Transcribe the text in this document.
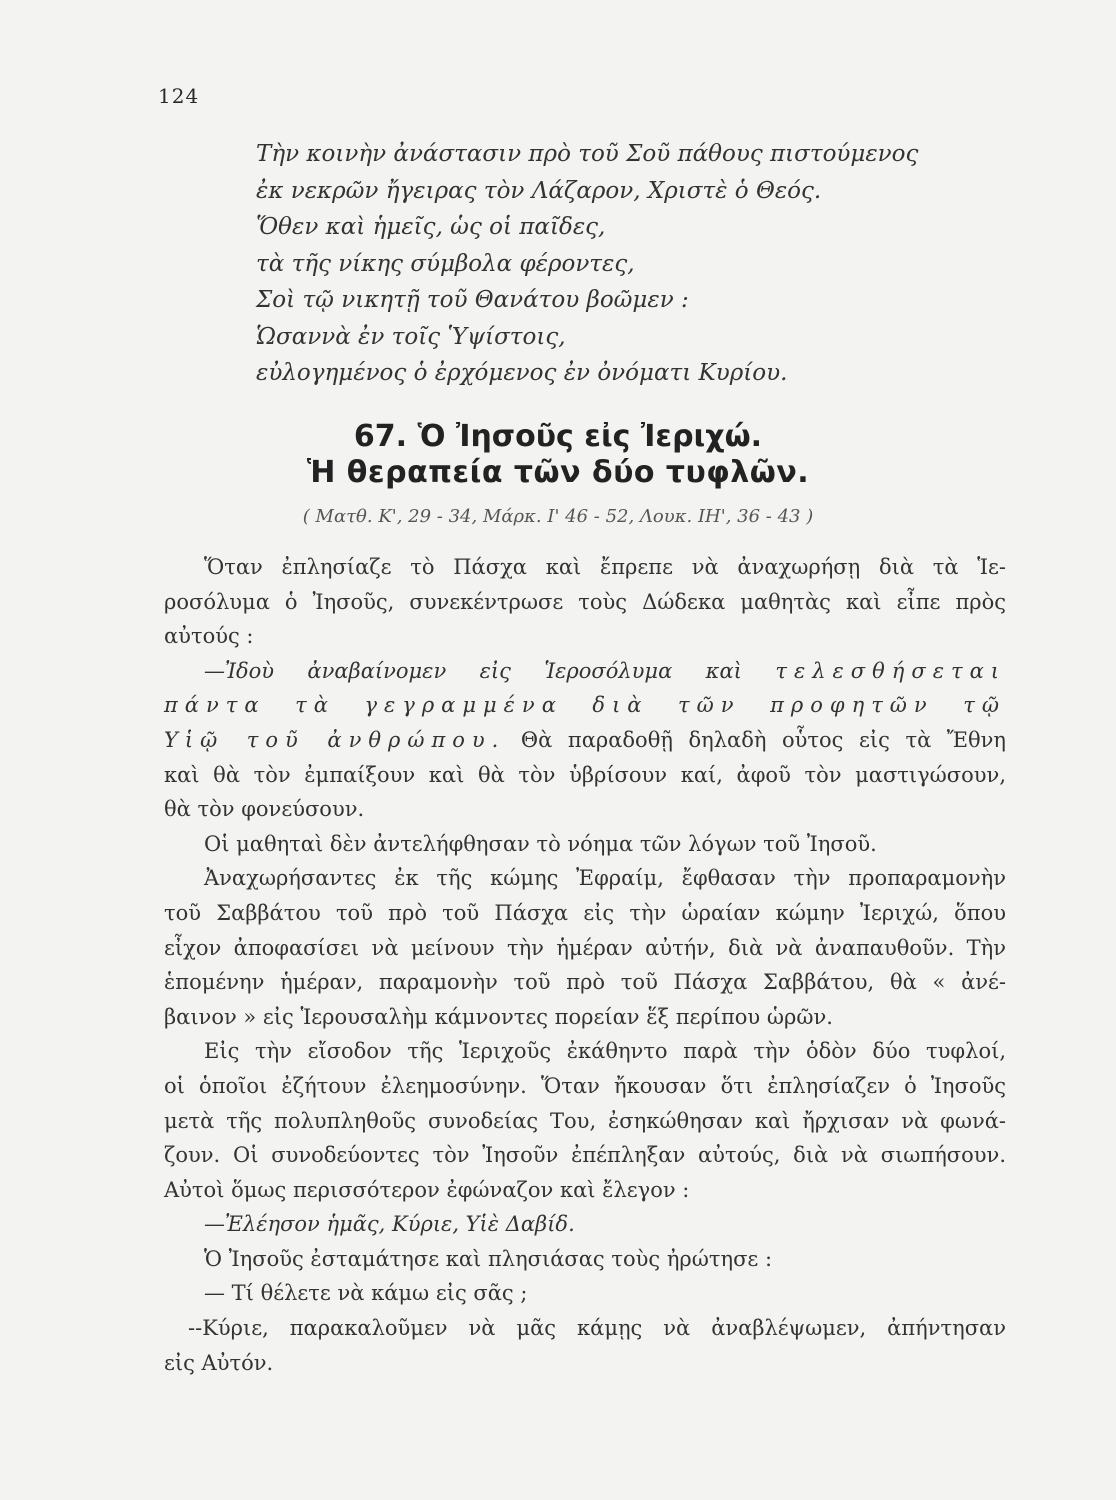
124
Τὴν κοινὴν ἀνάστασιν πρὸ τοῦ Σοῦ πάθους πιστούμενος
ἐκ νεκρῶν ἤγειρας τὸν Λάζαρον, Χριστὲ ὁ Θεός.
Ὅθεν καὶ ἡμεῖς, ὡς οἱ παῖδες,
τὰ τῆς νίκης σύμβολα φέροντες,
Σοὶ τῷ νικητῇ τοῦ Θανάτου βοῶμεν :
Ὡσαννὰ ἐν τοῖς Ὑψίστοις,
εὐλογημένος ὁ ἐρχόμενος ἐν ὀνόματι Κυρίου.
67. Ὁ Ἰησοῦς εἰς Ἰεριχώ.
Ἡ θεραπεία τῶν δύο τυφλῶν.
( Ματθ. Κ', 29 - 34, Μάρκ. Ι' 46 - 52, Λουκ. ΙΗ', 36 - 43 )
Ὅταν ἐπλησίαζε τὸ Πάσχα καὶ ἔπρεπε νὰ ἀναχωρήσῃ διὰ τὰ Ἱε-
ροσόλυμα ὁ Ἰησοῦς, συνεκέντρωσε τοὺς Δώδεκα μαθητὰς καὶ εἶπε πρὸς
αὐτούς :
—Ἰδοὺ ἀναβαίνομεν εἰς Ἱεροσόλυμα καὶ τελεσθήσεται
πάντα τὰ γεγραμμένα διὰ τῶν προφητῶν τῷ
Υἱῷ τοῦ ἀνθρώπου. Θὰ παραδοθῇ δηλαδὴ οὗτος εἰς τὰ Ἔθνη
καὶ θὰ τὸν ἐμπαίξουν καὶ θὰ τὸν ὑβρίσουν καί, ἀφοῦ τὸν μαστιγώσουν,
θὰ τὸν φονεύσουν.
Οἱ μαθηταὶ δὲν ἀντελήφθησαν τὸ νόημα τῶν λόγων τοῦ Ἰησοῦ.
Ἀναχωρήσαντες ἐκ τῆς κώμης Ἐφραίμ, ἔφθασαν τὴν προπαραμονὴν
τοῦ Σαββάτου τοῦ πρὸ τοῦ Πάσχα εἰς τὴν ὡραίαν κώμην Ἰεριχώ, ὅπου
εἶχον ἀποφασίσει νὰ μείνουν τὴν ἡμέραν αὐτήν, διὰ νὰ ἀναπαυθοῦν. Τὴν
ἑπομένην ἡμέραν, παραμονὴν τοῦ πρὸ τοῦ Πάσχα Σαββάτου, θὰ « ἀνέ-
βαινον » εἰς Ἱερουσαλὴμ κάμνοντες πορείαν ἕξ περίπου ὡρῶν.
Εἰς τὴν εἴσοδον τῆς Ἱεριχοῦς ἐκάθηντο παρὰ τὴν ὁδὸν δύο τυφλοί,
οἱ ὁποῖοι ἐζήτουν ἐλεημοσύνην. Ὅταν ἤκουσαν ὅτι ἐπλησίαζεν ὁ Ἰησοῦς
μετὰ τῆς πολυπληθοῦς συνοδείας Του, ἐσηκώθησαν καὶ ἤρχισαν νὰ φωνά-
ζουν. Οἱ συνοδεύοντες τὸν Ἰησοῦν ἐπέπληξαν αὐτούς, διὰ νὰ σιωπήσουν.
Αὐτοὶ ὅμως περισσότερον ἐφώναζον καὶ ἔλεγον :
—Ἐλέησον ἡμᾶς, Κύριε, Υἱὲ Δαβίδ.
Ὁ Ἰησοῦς ἐσταμάτησε καὶ πλησιάσας τοὺς ἠρώτησε :
— Τί θέλετε νὰ κάμω εἰς σᾶς ;
--Κύριε, παρακαλοῦμεν νὰ μᾶς κάμῃς νὰ ἀναβλέψωμεν, ἀπήντησαν
εἰς Αὐτόν.
